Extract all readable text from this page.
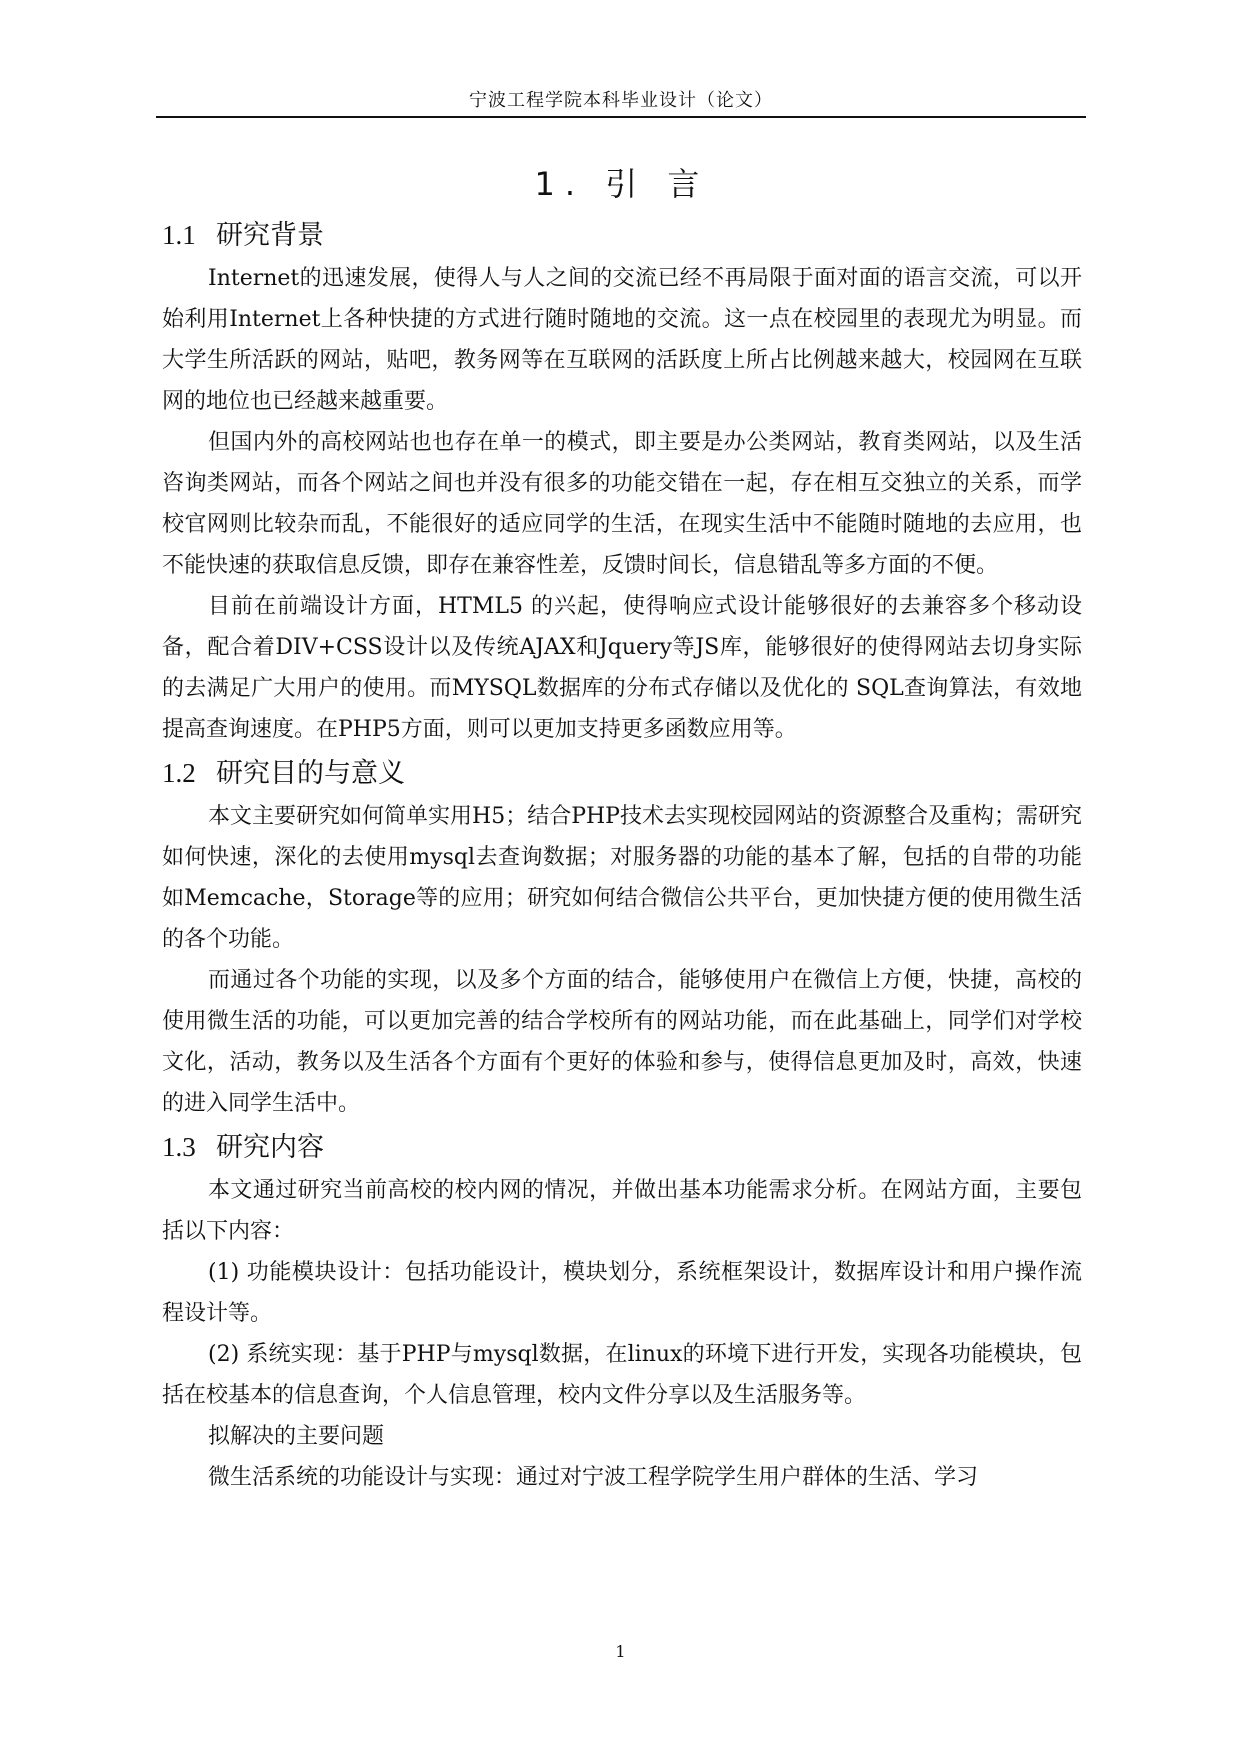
宁波工程学院本科毕业设计（论文）
1. 引 言
1.1 研究背景

Internet的迅速发展，使得人与人之间的交流已经不再局限于面对面的语言交流，可以开始利用Internet上各种快捷的方式进行随时随地的交流。这一点在校园里的表现尤为明显。而大学生所活跃的网站，贴吧，教务网等在互联网的活跃度上所占比例越来越大，校园网在互联网的地位也已经越来越重要。

但国内外的高校网站也也存在单一的模式，即主要是办公类网站，教育类网站，以及生活咨询类网站，而各个网站之间也并没有很多的功能交错在一起，存在相互交独立的关系，而学校官网则比较杂而乱，不能很好的适应同学的生活，在现实生活中不能随时随地的去应用，也不能快速的获取信息反馈，即存在兼容性差，反馈时间长，信息错乱等多方面的不便。

目前在前端设计方面，HTML5 的兴起，使得响应式设计能够很好的去兼容多个移动设备，配合着DIV+CSS设计以及传统AJAX和Jquery等JS库，能够很好的使得网站去切身实际的去满足广大用户的使用。而MYSQL数据库的分布式存储以及优化的 SQL查询算法，有效地提高查询速度。在PHP5方面，则可以更加支持更多函数应用等。

1.2 研究目的与意义

本文主要研究如何简单实用H5；结合PHP技术去实现校园网站的资源整合及重构；需研究如何快速，深化的去使用mysql去查询数据；对服务器的功能的基本了解，包括的自带的功能如Memcache，Storage等的应用；研究如何结合微信公共平台，更加快捷方便的使用微生活的各个功能。

而通过各个功能的实现，以及多个方面的结合，能够使用户在微信上方便，快捷，高校的使用微生活的功能，可以更加完善的结合学校所有的网站功能，而在此基础上，同学们对学校文化，活动，教务以及生活各个方面有个更好的体验和参与，使得信息更加及时，高效，快速的进入同学生活中。

1.3 研究内容

本文通过研究当前高校的校内网的情况，并做出基本功能需求分析。在网站方面，主要包括以下内容：

(1) 功能模块设计：包括功能设计，模块划分，系统框架设计，数据库设计和用户操作流程设计等。

(2) 系统实现：基于PHP与mysql数据，在linux的环境下进行开发，实现各功能模块，包括在校基本的信息查询，个人信息管理，校内文件分享以及生活服务等。

拟解决的主要问题

微生活系统的功能设计与实现：通过对宁波工程学院学生用户群体的生活、学习

1
